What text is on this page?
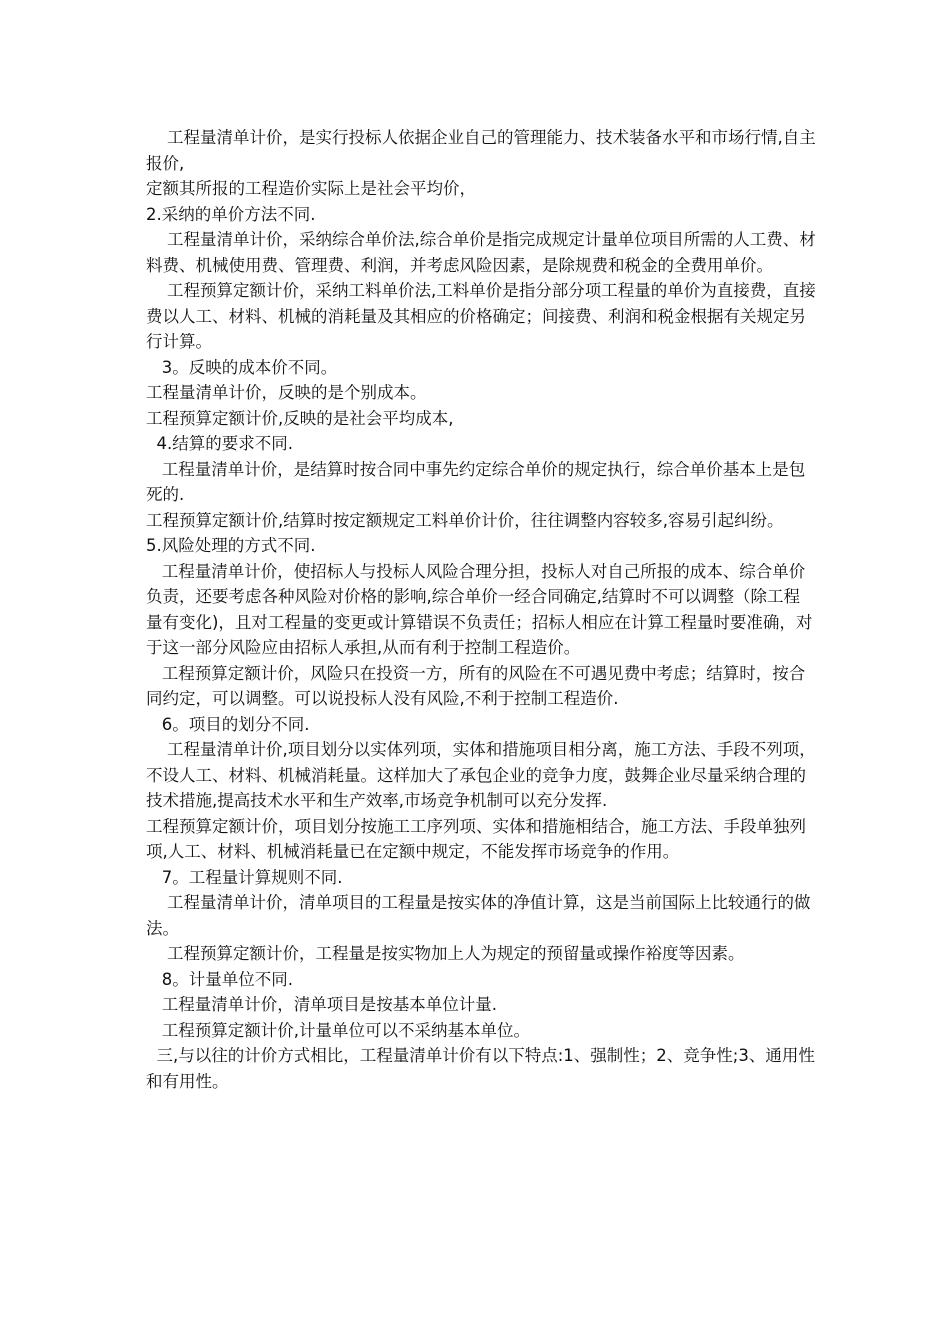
工程量清单计价，是实行投标人依据企业自己的管理能力、技术装备水平和市场行情,自主报价,

定额其所报的工程造价实际上是社会平均价，

2.采纳的单价方法不同.

工程量清单计价，采纳综合单价法,综合单价是指完成规定计量单位项目所需的人工费、材料费、机械使用费、管理费、利润，并考虑风险因素，是除规费和税金的全费用单价。

工程预算定额计价，采纳工料单价法,工料单价是指分部分项工程量的单价为直接费，直接费以人工、材料、机械的消耗量及其相应的价格确定；间接费、利润和税金根据有关规定另行计算。

3。反映的成本价不同。

工程量清单计价，反映的是个别成本。

工程预算定额计价,反映的是社会平均成本,

4.结算的要求不同.

工程量清单计价，是结算时按合同中事先约定综合单价的规定执行，综合单价基本上是包死的.

工程预算定额计价,结算时按定额规定工料单价计价，往往调整内容较多,容易引起纠纷。

5.风险处理的方式不同.

工程量清单计价，使招标人与投标人风险合理分担，投标人对自己所报的成本、综合单价负责，还要考虑各种风险对价格的影响,综合单价一经合同确定,结算时不可以调整（除工程量有变化)，且对工程量的变更或计算错误不负责任；招标人相应在计算工程量时要准确，对于这一部分风险应由招标人承担,从而有利于控制工程造价。

工程预算定额计价，风险只在投资一方，所有的风险在不可遇见费中考虑；结算时，按合同约定，可以调整。可以说投标人没有风险,不利于控制工程造价.

6。项目的划分不同.

工程量清单计价,项目划分以实体列项，实体和措施项目相分离，施工方法、手段不列项，不设人工、材料、机械消耗量。这样加大了承包企业的竞争力度，鼓舞企业尽量采纳合理的技术措施,提高技术水平和生产效率,市场竞争机制可以充分发挥.

工程预算定额计价，项目划分按施工工序列项、实体和措施相结合，施工方法、手段单独列项,人工、材料、机械消耗量已在定额中规定，不能发挥市场竞争的作用。

7。工程量计算规则不同.

工程量清单计价，清单项目的工程量是按实体的净值计算，这是当前国际上比较通行的做法。

工程预算定额计价，工程量是按实物加上人为规定的预留量或操作裕度等因素。

8。计量单位不同.

工程量清单计价，清单项目是按基本单位计量.

工程预算定额计价,计量单位可以不采纳基本单位。

三,与以往的计价方式相比，工程量清单计价有以下特点:1、强制性；2、竞争性;3、通用性和有用性。
